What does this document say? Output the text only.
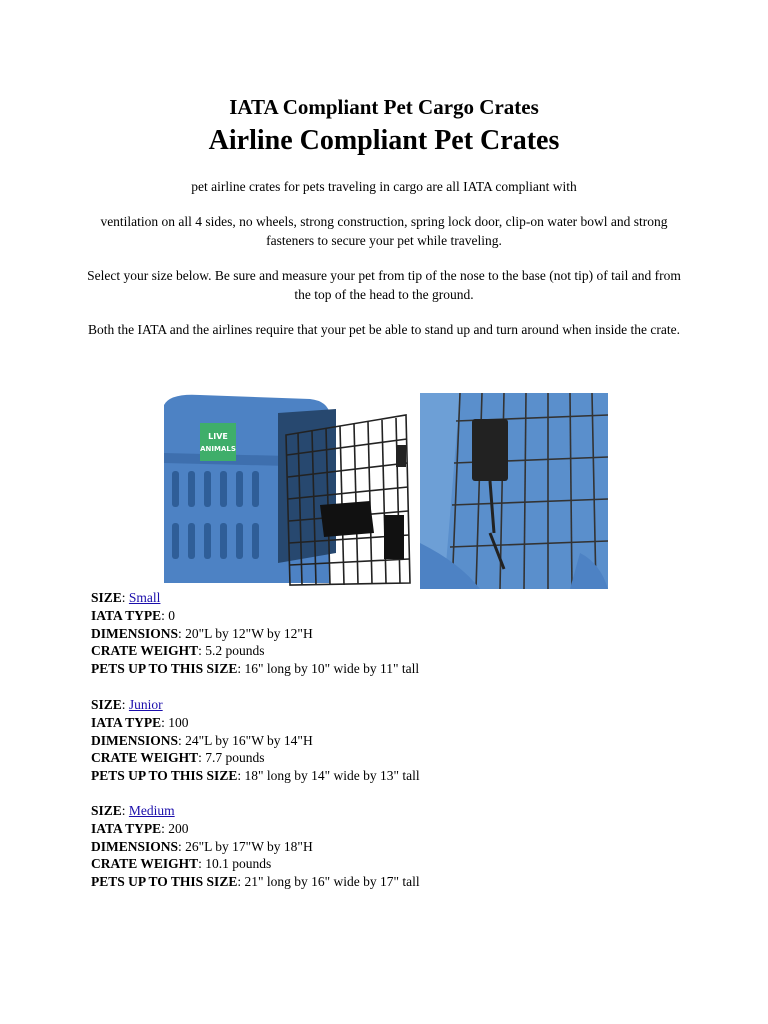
IATA Compliant Pet Cargo Crates
Airline Compliant Pet Crates
pet airline crates for pets traveling in cargo are all IATA compliant with
ventilation on all 4 sides, no wheels, strong construction, spring lock door, clip-on water bowl and strong fasteners to secure your pet while traveling.
Select your size below. Be sure and measure your pet from tip of the nose to the base (not tip) of tail and from the top of the head to the ground.
Both the IATA and the airlines require that your pet be able to stand up and turn around when inside the crate.
LIVE
ANIMALS
SIZE: Small
IATA TYPE: 0
DIMENSIONS: 20"L by 12"W by 12"H
CRATE WEIGHT: 5.2 pounds
PETS UP TO THIS SIZE: 16" long by 10" wide by 11" tall
SIZE: Junior
IATA TYPE: 100
DIMENSIONS: 24"L by 16"W by 14"H
CRATE WEIGHT: 7.7 pounds
PETS UP TO THIS SIZE: 18" long by 14" wide by 13" tall
SIZE: Medium
IATA TYPE: 200
DIMENSIONS: 26"L by 17"W by 18"H
CRATE WEIGHT: 10.1 pounds
PETS UP TO THIS SIZE: 21" long by 16" wide by 17" tall
